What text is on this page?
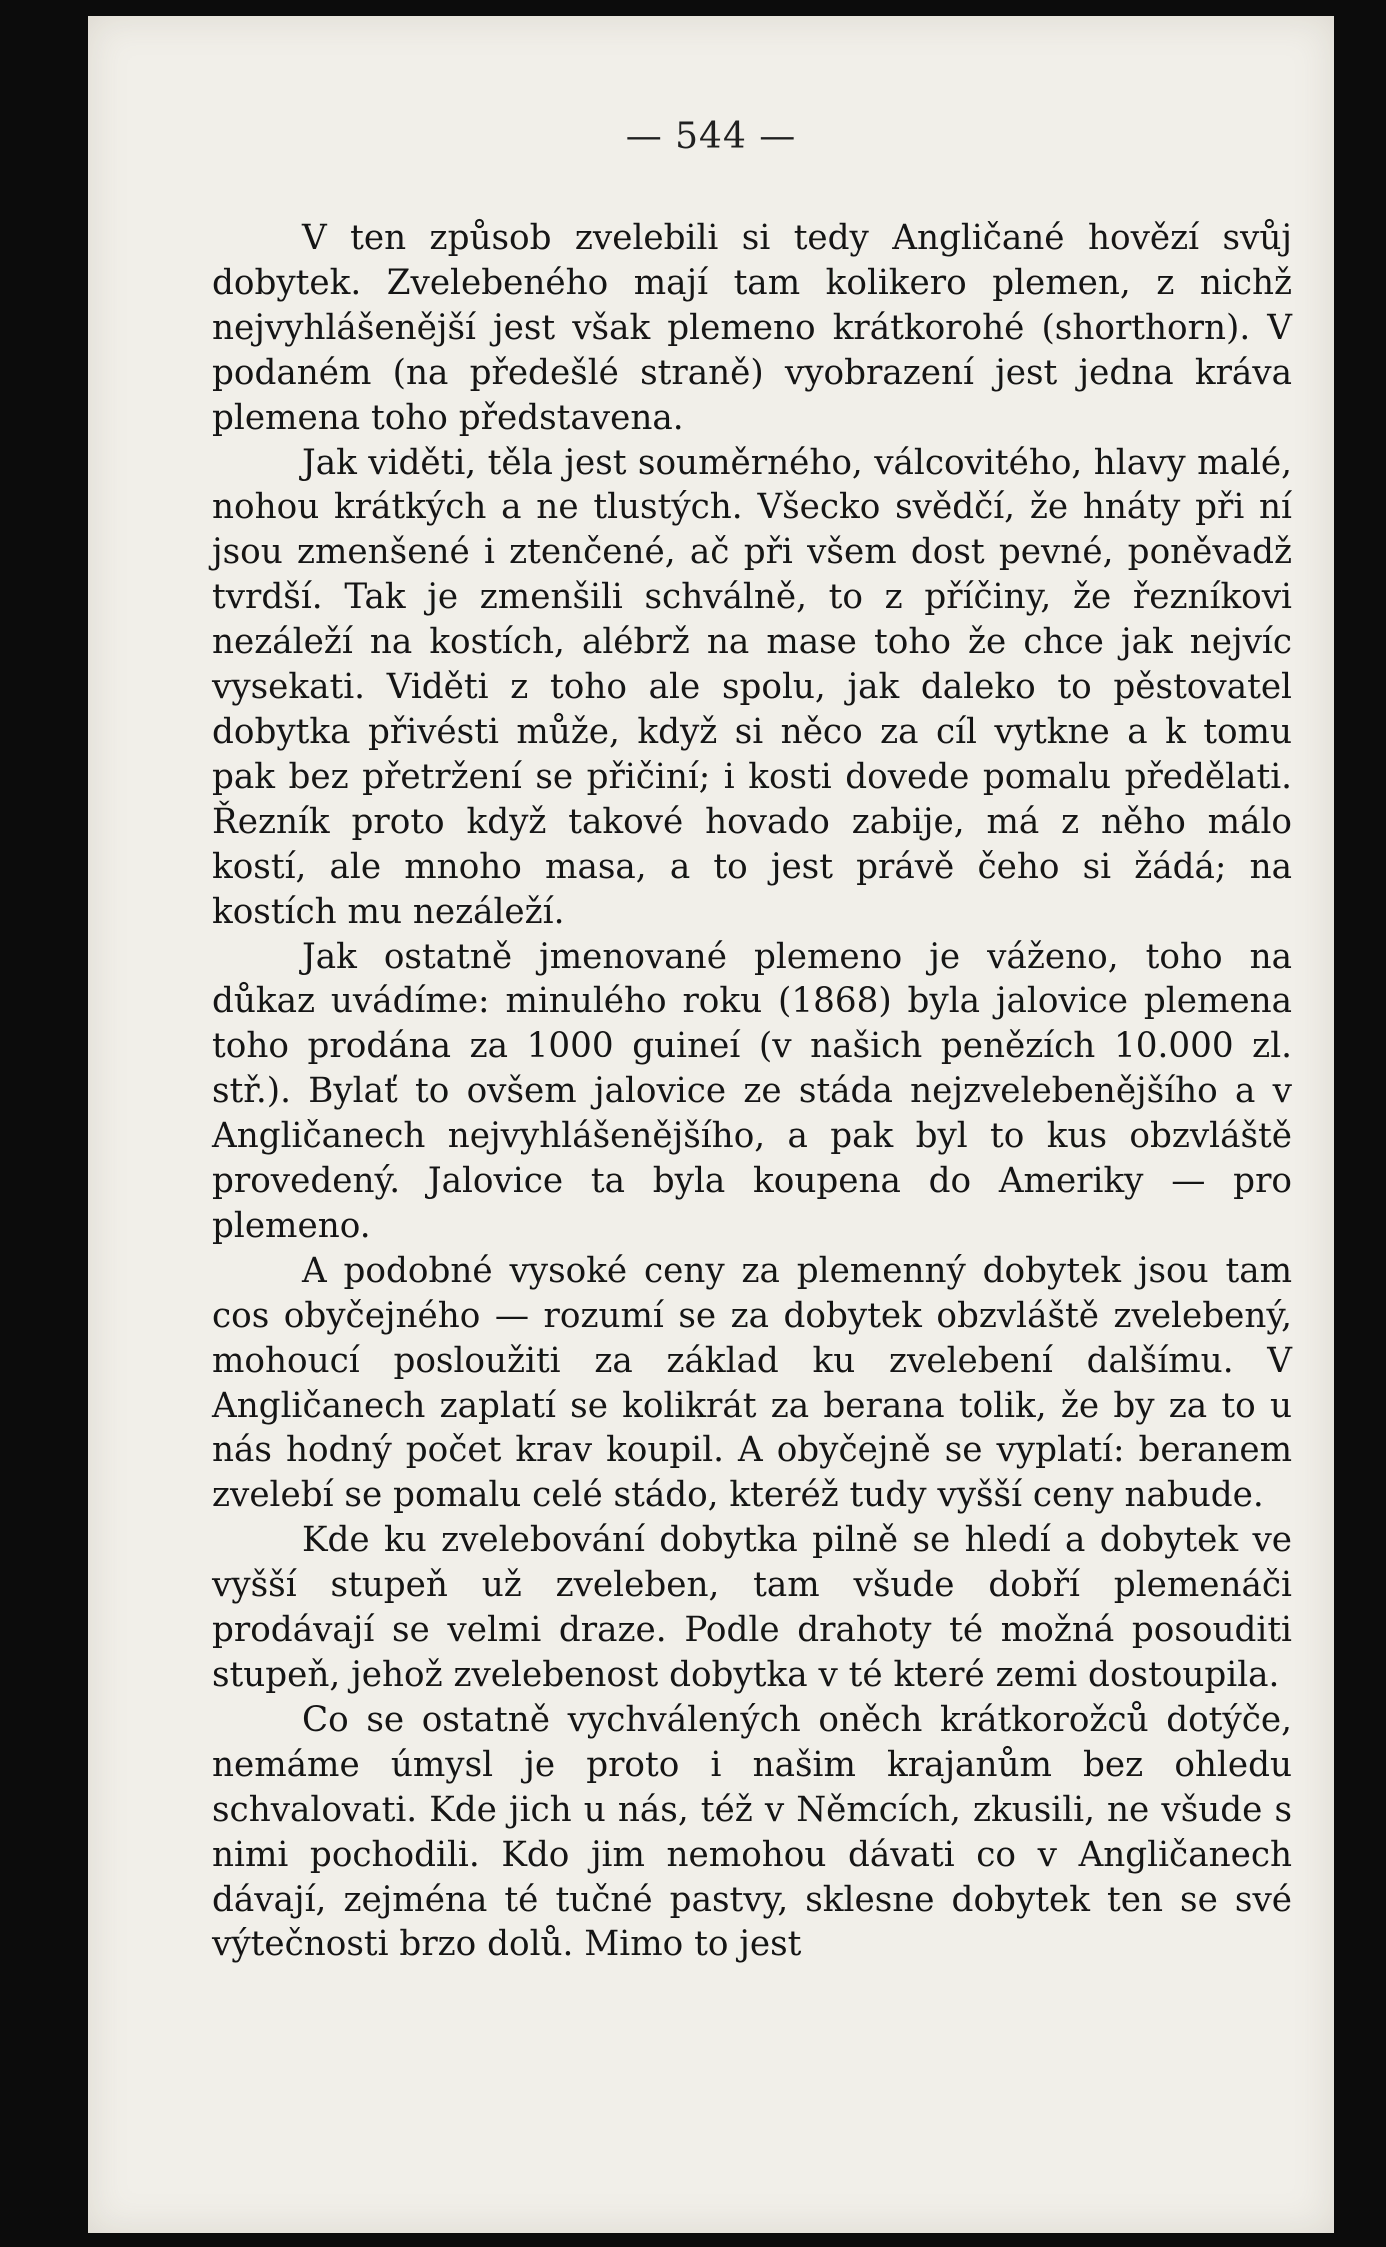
— 544 —

V ten způsob zvelebili si tedy Angličané hovězí svůj dobytek. Zvelebeného mají tam kolikero plemen, z nichž nejvyhlášenější jest však plemeno krátkorohé (shorthorn). V podaném (na předešlé straně) vyobrazení jest jedna kráva plemena toho představena.

Jak viděti, těla jest souměrného, válcovitého, hlavy malé, nohou krátkých a ne tlustých. Všecko svědčí, že hnáty při ní jsou zmenšené i ztenčené, ač při všem dost pevné, poněvadž tvrdší. Tak je zmenšili schválně, to z příčiny, že řezníkovi nezáleží na kostích, alébrž na mase toho že chce jak nejvíc vysekati. Viděti z toho ale spolu, jak daleko to pěstovatel dobytka přivésti může, když si něco za cíl vytkne a k tomu pak bez přetržení se přičiní; i kosti dovede pomalu předělati. Řezník proto když takové hovado zabije, má z něho málo kostí, ale mnoho masa, a to jest právě čeho si žádá; na kostích mu nezáleží.

Jak ostatně jmenované plemeno je váženo, toho na důkaz uvádíme: minulého roku (1868) byla jalovice plemena toho prodána za 1000 guineí (v našich penězích 10.000 zl. stř.). Bylať to ovšem jalovice ze stáda nejzvelebenějšího a v Angličanech nejvyhlášenějšího, a pak byl to kus obzvláště provedený. Jalovice ta byla koupena do Ameriky — pro plemeno.

A podobné vysoké ceny za plemenný dobytek jsou tam cos obyčejného — rozumí se za dobytek obzvláště zvelebený, mohoucí posloužiti za základ ku zvelebení dalšímu. V Angličanech zaplatí se kolikrát za berana tolik, že by za to u nás hodný počet krav koupil. A obyčejně se vyplatí: beranem zvelebí se pomalu celé stádo, kteréž tudy vyšší ceny nabude.

Kde ku zvelebování dobytka pilně se hledí a dobytek ve vyšší stupeň už zveleben, tam všude dobří plemenáči prodávají se velmi draze. Podle drahoty té možná posouditi stupeň, jehož zvelebenost dobytka v té které zemi dostoupila.

Co se ostatně vychválených oněch krátkorožců dotýče, nemáme úmysl je proto i našim krajanům bez ohledu schvalovati. Kde jich u nás, též v Němcích, zkusili, ne všude s nimi pochodili. Kdo jim nemohou dávati co v Angličanech dávají, zejména té tučné pastvy, sklesne dobytek ten se své výtečnosti brzo dolů. Mimo to jest
